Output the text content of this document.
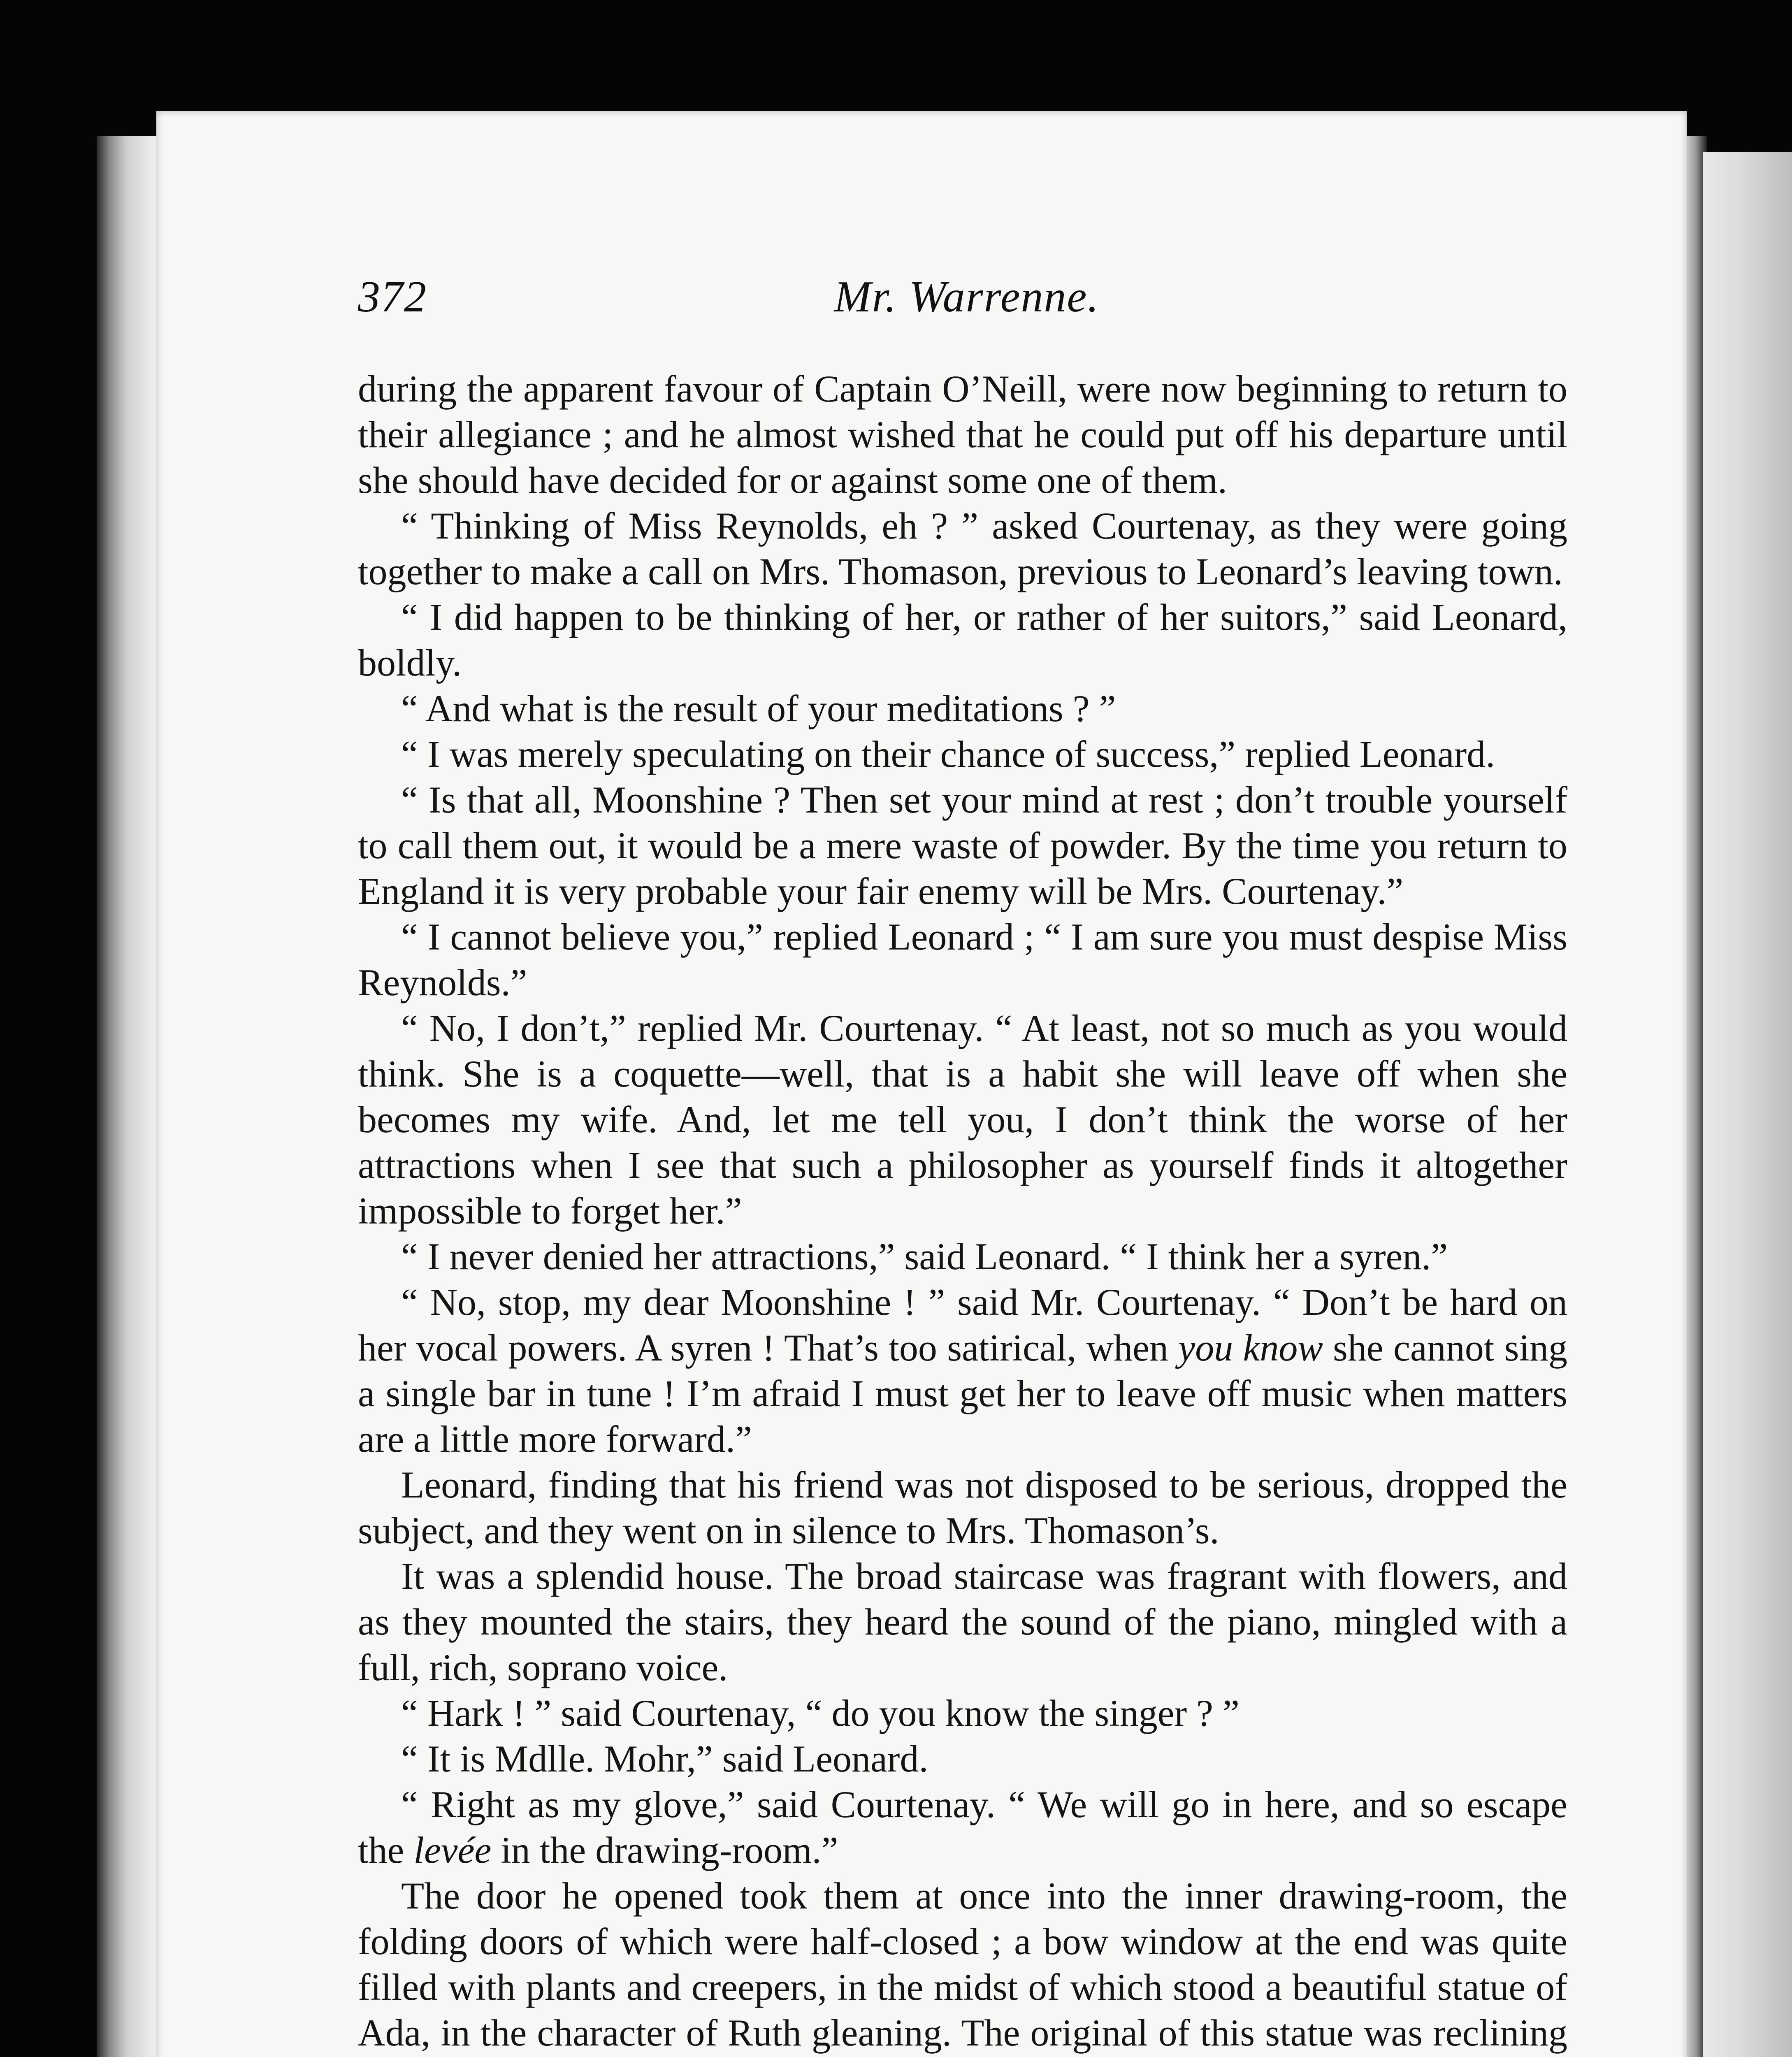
372	Mr. Warrenne.

during the apparent favour of Captain O’Neill, were now beginning to return to their allegiance ; and he almost wished that he could put off his departure until she should have decided for or against some one of them.

“ Thinking of Miss Reynolds, eh ? ” asked Courtenay, as they were going together to make a call on Mrs. Thomason, previous to Leonard’s leaving town.

“ I did happen to be thinking of her, or rather of her suitors,” said Leonard, boldly.

“ And what is the result of your meditations ? ”

“ I was merely speculating on their chance of success,” replied Leonard.

“ Is that all, Moonshine ? Then set your mind at rest ; don’t trouble yourself to call them out, it would be a mere waste of powder. By the time you return to England it is very probable your fair enemy will be Mrs. Courtenay.”

“ I cannot believe you,” replied Leonard ; “ I am sure you must despise Miss Reynolds.”

“ No, I don’t,” replied Mr. Courtenay. “ At least, not so much as you would think. She is a coquette—well, that is a habit she will leave off when she becomes my wife. And, let me tell you, I don’t think the worse of her attractions when I see that such a philosopher as yourself finds it altogether impossible to forget her.”

“ I never denied her attractions,” said Leonard. “ I think her a syren.”

“ No, stop, my dear Moonshine ! ” said Mr. Courtenay. “ Don’t be hard on her vocal powers. A syren ! That’s too satirical, when you know she cannot sing a single bar in tune ! I’m afraid I must get her to leave off music when matters are a little more forward.”

Leonard, finding that his friend was not disposed to be serious, dropped the subject, and they went on in silence to Mrs. Thomason’s.

It was a splendid house. The broad staircase was fragrant with flowers, and as they mounted the stairs, they heard the sound of the piano, mingled with a full, rich, soprano voice.

“ Hark ! ” said Courtenay, “ do you know the singer ? ”

“ It is Mdlle. Mohr,” said Leonard.

“ Right as my glove,” said Courtenay. “ We will go in here, and so escape the levée in the drawing-room.”

The door he opened took them at once into the inner drawing-room, the folding doors of which were half-closed ; a bow window at the end was quite filled with plants and creepers, in the midst of which stood a beautiful statue of Ada, in the character of Ruth gleaning. The original of this statue was reclining
